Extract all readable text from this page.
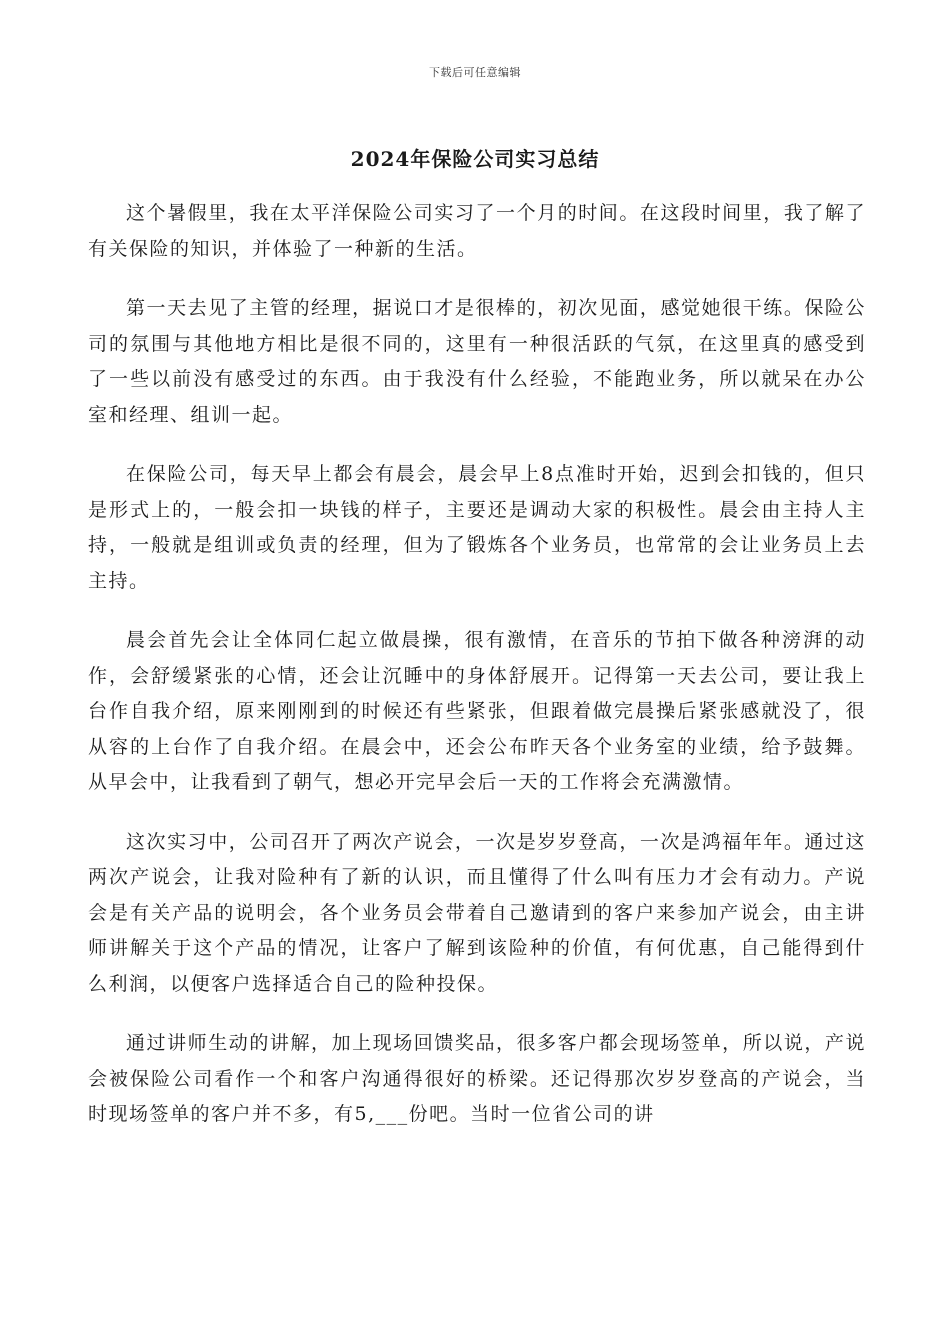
下载后可任意编辑
2024年保险公司实习总结

这个暑假里，我在太平洋保险公司实习了一个月的时间。在这段时间里，我了解了有关保险的知识，并体验了一种新的生活。

第一天去见了主管的经理，据说口才是很棒的，初次见面，感觉她很干练。保险公司的氛围与其他地方相比是很不同的，这里有一种很活跃的气氛，在这里真的感受到了一些以前没有感受过的东西。由于我没有什么经验，不能跑业务，所以就呆在办公室和经理、组训一起。

在保险公司，每天早上都会有晨会，晨会早上8点准时开始，迟到会扣钱的，但只是形式上的，一般会扣一块钱的样子，主要还是调动大家的积极性。晨会由主持人主持，一般就是组训或负责的经理，但为了锻炼各个业务员，也常常的会让业务员上去主持。

晨会首先会让全体同仁起立做晨操，很有激情，在音乐的节拍下做各种滂湃的动作，会舒缓紧张的心情，还会让沉睡中的身体舒展开。记得第一天去公司，要让我上台作自我介绍，原来刚刚到的时候还有些紧张，但跟着做完晨操后紧张感就没了，很从容的上台作了自我介绍。在晨会中，还会公布昨天各个业务室的业绩，给予鼓舞。从早会中，让我看到了朝气，想必开完早会后一天的工作将会充满激情。

这次实习中，公司召开了两次产说会，一次是岁岁登高，一次是鸿福年年。通过这两次产说会，让我对险种有了新的认识，而且懂得了什么叫有压力才会有动力。产说会是有关产品的说明会，各个业务员会带着自己邀请到的客户来参加产说会，由主讲师讲解关于这个产品的情况，让客户了解到该险种的价值，有何优惠，自己能得到什么利润，以便客户选择适合自己的险种投保。

通过讲师生动的讲解，加上现场回馈奖品，很多客户都会现场签单，所以说，产说会被保险公司看作一个和客户沟通得很好的桥梁。还记得那次岁岁登高的产说会，当时现场签单的客户并不多，有5,___份吧。当时一位省公司的讲
